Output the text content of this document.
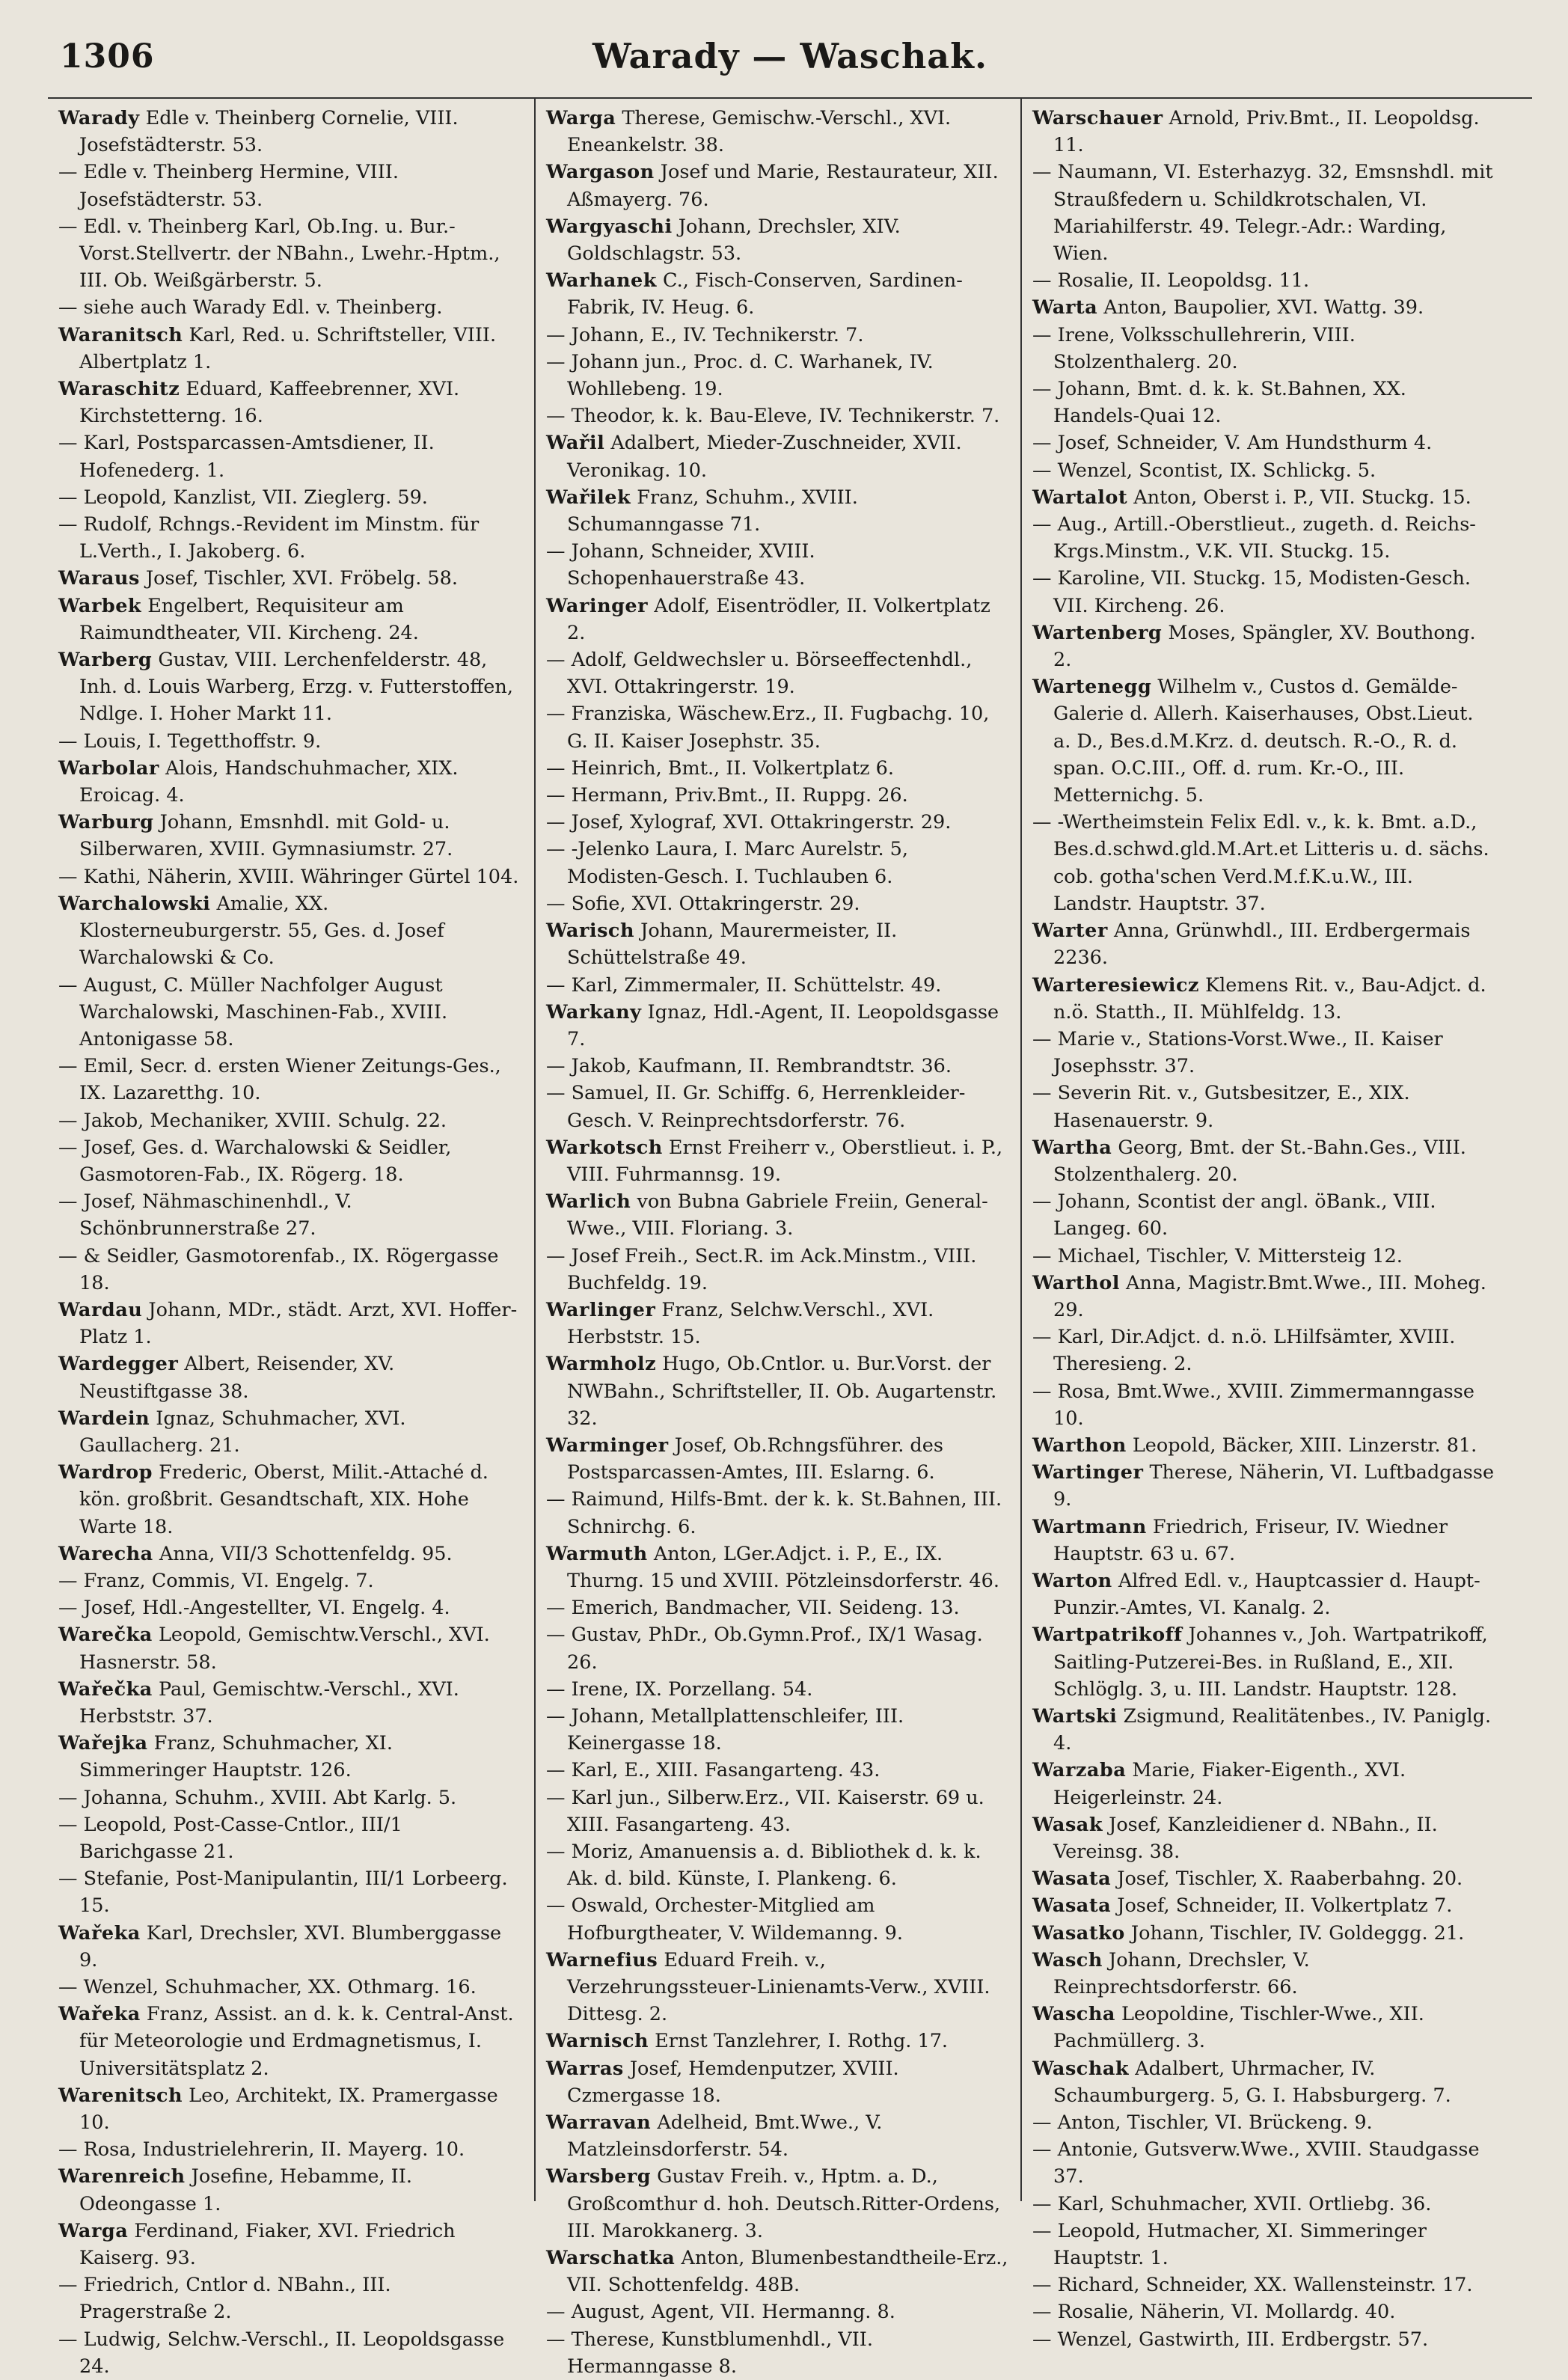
1306	Warady — Waschak.

Warady Edle v. Theinberg Cornelie, VIII. Josefstädterstr. 53.

— Edle v. Theinberg Hermine, VIII. Josefstädterstr. 53.

— Edl. v. Theinberg Karl, Ob.Ing. u. Bur.-Vorst.Stellvertr. der NBahn., Lwehr.-Hptm., III. Ob. Weißgärberstr. 5.

— siehe auch Warady Edl. v. Theinberg.

Waranitsch Karl, Red. u. Schriftsteller, VIII. Albertplatz 1.

Waraschitz Eduard, Kaffeebrenner, XVI. Kirchstetterng. 16.

— Karl, Postsparcassen-Amtsdiener, II. Hofenederg. 1.

— Leopold, Kanzlist, VII. Zieglerg. 59.

— Rudolf, Rchngs.-Revident im Minstm. für L.Verth., I. Jakoberg. 6.

Waraus Josef, Tischler, XVI. Fröbelg. 58.

Warbek Engelbert, Requisiteur am Raimundtheater, VII. Kircheng. 24.

Warberg Gustav, VIII. Lerchenfelderstr. 48, Inh. d. Louis Warberg, Erzg. v. Futterstoffen, Ndlge. I. Hoher Markt 11.

— Louis, I. Tegetthoffstr. 9.

Warbolar Alois, Handschuhmacher, XIX. Eroicag. 4.

Warburg Johann, Emsnhdl. mit Gold- u. Silberwaren, XVIII. Gymnasiumstr. 27.

— Kathi, Näherin, XVIII. Währinger Gürtel 104.

Warchalowski Amalie, XX. Klosterneuburgerstr. 55, Ges. d. Josef Warchalowski & Co.

— August, C. Müller Nachfolger August Warchalowski, Maschinen-Fab., XVIII. Antonigasse 58.

— Emil, Secr. d. ersten Wiener Zeitungs-Ges., IX. Lazaretthg. 10.

— Jakob, Mechaniker, XVIII. Schulg. 22.

— Josef, Ges. d. Warchalowski & Seidler, Gasmotoren-Fab., IX. Rögerg. 18.

— Josef, Nähmaschinenhdl., V. Schönbrunnerstraße 27.

— & Seidler, Gasmotorenfab., IX. Rögergasse 18.

Wardau Johann, MDr., städt. Arzt, XVI. Hoffer-Platz 1.

Wardegger Albert, Reisender, XV. Neustiftgasse 38.

Wardein Ignaz, Schuhmacher, XVI. Gaullacherg. 21.

Wardrop Frederic, Oberst, Milit.-Attaché d. kön. großbrit. Gesandtschaft, XIX. Hohe Warte 18.

Warecha Anna, VII/3 Schottenfeldg. 95.

— Franz, Commis, VI. Engelg. 7.

— Josef, Hdl.-Angestellter, VI. Engelg. 4.

Warečka Leopold, Gemischtw.Verschl., XVI. Hasnerstr. 58.

Wařečka Paul, Gemischtw.-Verschl., XVI. Herbststr. 37.

Wařejka Franz, Schuhmacher, XI. Simmeringer Hauptstr. 126.

— Johanna, Schuhm., XVIII. Abt Karlg. 5.

— Leopold, Post-Casse-Cntlor., III/1 Barichgasse 21.

— Stefanie, Post-Manipulantin, III/1 Lorbeerg. 15.

Wařeka Karl, Drechsler, XVI. Blumberggasse 9.

— Wenzel, Schuhmacher, XX. Othmarg. 16.

Wařeka Franz, Assist. an d. k. k. Central-Anst. für Meteorologie und Erdmagnetismus, I. Universitätsplatz 2.

Warenitsch Leo, Architekt, IX. Pramergasse 10.

— Rosa, Industrielehrerin, II. Mayerg. 10.

Warenreich Josefine, Hebamme, II. Odeongasse 1.

Warga Ferdinand, Fiaker, XVI. Friedrich Kaiserg. 93.

— Friedrich, Cntlor d. NBahn., III. Pragerstraße 2.

— Ludwig, Selchw.-Verschl., II. Leopoldsgasse 24.

Warga Therese, Gemischw.-Verschl., XVI. Eneankelstr. 38.

Wargason Josef und Marie, Restaurateur, XII. Aßmayerg. 76.

Wargyaschi Johann, Drechsler, XIV. Goldschlagstr. 53.

Warhanek C., Fisch-Conserven, Sardinen-Fabrik, IV. Heug. 6.

— Johann, E., IV. Technikerstr. 7.

— Johann jun., Proc. d. C. Warhanek, IV. Wohllebeng. 19.

— Theodor, k. k. Bau-Eleve, IV. Technikerstr. 7.

Wařil Adalbert, Mieder-Zuschneider, XVII. Veronikag. 10.

Wařilek Franz, Schuhm., XVIII. Schumanngasse 71.

— Johann, Schneider, XVIII. Schopenhauerstraße 43.

Waringer Adolf, Eisentrödler, II. Volkertplatz 2.

— Adolf, Geldwechsler u. Börseeffectenhdl., XVI. Ottakringerstr. 19.

— Franziska, Wäschew.Erz., II. Fugbachg. 10, G. II. Kaiser Josephstr. 35.

— Heinrich, Bmt., II. Volkertplatz 6.

— Hermann, Priv.Bmt., II. Ruppg. 26.

— Josef, Xylograf, XVI. Ottakringerstr. 29.

— -Jelenko Laura, I. Marc Aurelstr. 5, Modisten-Gesch. I. Tuchlauben 6.

— Sofie, XVI. Ottakringerstr. 29.

Warisch Johann, Maurermeister, II. Schüttelstraße 49.

— Karl, Zimmermaler, II. Schüttelstr. 49.

Warkany Ignaz, Hdl.-Agent, II. Leopoldsgasse 7.

— Jakob, Kaufmann, II. Rembrandtstr. 36.

— Samuel, II. Gr. Schiffg. 6, Herrenkleider-Gesch. V. Reinprechtsdorferstr. 76.

Warkotsch Ernst Freiherr v., Oberstlieut. i. P., VIII. Fuhrmannsg. 19.

Warlich von Bubna Gabriele Freiin, General-Wwe., VIII. Floriang. 3.

— Josef Freih., Sect.R. im Ack.Minstm., VIII. Buchfeldg. 19.

Warlinger Franz, Selchw.Verschl., XVI. Herbststr. 15.

Warmholz Hugo, Ob.Cntlor. u. Bur.Vorst. der NWBahn., Schriftsteller, II. Ob. Augartenstr. 32.

Warminger Josef, Ob.Rchngsführer. des Postsparcassen-Amtes, III. Eslarng. 6.

— Raimund, Hilfs-Bmt. der k. k. St.Bahnen, III. Schnirchg. 6.

Warmuth Anton, LGer.Adjct. i. P., E., IX. Thurng. 15 und XVIII. Pötzleinsdorferstr. 46.

— Emerich, Bandmacher, VII. Seideng. 13.

— Gustav, PhDr., Ob.Gymn.Prof., IX/1 Wasag. 26.

— Irene, IX. Porzellang. 54.

— Johann, Metallplattenschleifer, III. Keinergasse 18.

— Karl, E., XIII. Fasangarteng. 43.

— Karl jun., Silberw.Erz., VII. Kaiserstr. 69 u. XIII. Fasangarteng. 43.

— Moriz, Amanuensis a. d. Bibliothek d. k. k. Ak. d. bild. Künste, I. Plankeng. 6.

— Oswald, Orchester-Mitglied am Hofburgtheater, V. Wildemanng. 9.

Warnefius Eduard Freih. v., Verzehrungssteuer-Linienamts-Verw., XVIII. Dittesg. 2.

Warnisch Ernst Tanzlehrer, I. Rothg. 17.

Warras Josef, Hemdenputzer, XVIII. Czmergasse 18.

Warravan Adelheid, Bmt.Wwe., V. Matzleinsdorferstr. 54.

Warsberg Gustav Freih. v., Hptm. a. D., Großcomthur d. hoh. Deutsch.Ritter-Ordens, III. Marokkanerg. 3.

Warschatka Anton, Blumenbestandtheile-Erz., VII. Schottenfeldg. 48B.

— August, Agent, VII. Hermanng. 8.

— Therese, Kunstblumenhdl., VII. Hermanngasse 8.

Warschauer Arnold, Priv.Bmt., II. Leopoldsg. 11.

— Naumann, VI. Esterhazyg. 32, Emsnshdl. mit Straußfedern u. Schildkrotschalen, VI. Mariahilferstr. 49. Telegr.-Adr.: Warding, Wien.

— Rosalie, II. Leopoldsg. 11.

Warta Anton, Baupolier, XVI. Wattg. 39.

— Irene, Volksschullehrerin, VIII. Stolzenthalerg. 20.

— Johann, Bmt. d. k. k. St.Bahnen, XX. Handels-Quai 12.

— Josef, Schneider, V. Am Hundsthurm 4.

— Wenzel, Scontist, IX. Schlickg. 5.

Wartalot Anton, Oberst i. P., VII. Stuckg. 15.

— Aug., Artill.-Oberstlieut., zugeth. d. Reichs-Krgs.Minstm., V.K. VII. Stuckg. 15.

— Karoline, VII. Stuckg. 15, Modisten-Gesch. VII. Kircheng. 26.

Wartenberg Moses, Spängler, XV. Bouthong. 2.

Wartenegg Wilhelm v., Custos d. Gemälde-Galerie d. Allerh. Kaiserhauses, Obst.Lieut. a. D., Bes.d.M.Krz. d. deutsch. R.-O., R. d. span. O.C.III., Off. d. rum. Kr.-O., III. Metternichg. 5.

— -Wertheimstein Felix Edl. v., k. k. Bmt. a.D., Bes.d.schwd.gld.M.Art.et Litteris u. d. sächs. cob. gotha'schen Verd.M.f.K.u.W., III. Landstr. Hauptstr. 37.

Warter Anna, Grünwhdl., III. Erdbergermais 2236.

Warteresiewicz Klemens Rit. v., Bau-Adjct. d. n.ö. Statth., II. Mühlfeldg. 13.

— Marie v., Stations-Vorst.Wwe., II. Kaiser Josephsstr. 37.

— Severin Rit. v., Gutsbesitzer, E., XIX. Hasenauerstr. 9.

Wartha Georg, Bmt. der St.-Bahn.Ges., VIII. Stolzenthalerg. 20.

— Johann, Scontist der angl. öBank., VIII. Langeg. 60.

— Michael, Tischler, V. Mittersteig 12.

Warthol Anna, Magistr.Bmt.Wwe., III. Moheg. 29.

— Karl, Dir.Adjct. d. n.ö. LHilfsämter, XVIII. Theresieng. 2.

— Rosa, Bmt.Wwe., XVIII. Zimmermanngasse 10.

Warthon Leopold, Bäcker, XIII. Linzerstr. 81.

Wartinger Therese, Näherin, VI. Luftbadgasse 9.

Wartmann Friedrich, Friseur, IV. Wiedner Hauptstr. 63 u. 67.

Warton Alfred Edl. v., Hauptcassier d. Haupt-Punzir.-Amtes, VI. Kanalg. 2.

Wartpatrikoff Johannes v., Joh. Wartpatrikoff, Saitling-Putzerei-Bes. in Rußland, E., XII. Schlöglg. 3, u. III. Landstr. Hauptstr. 128.

Wartski Zsigmund, Realitätenbes., IV. Paniglg. 4.

Warzaba Marie, Fiaker-Eigenth., XVI. Heigerleinstr. 24.

Wasak Josef, Kanzleidiener d. NBahn., II. Vereinsg. 38.

Wasata Josef, Tischler, X. Raaberbahng. 20.

Wasata Josef, Schneider, II. Volkertplatz 7.

Wasatko Johann, Tischler, IV. Goldeggg. 21.

Wasch Johann, Drechsler, V. Reinprechtsdorferstr. 66.

Wascha Leopoldine, Tischler-Wwe., XII. Pachmüllerg. 3.

Waschak Adalbert, Uhrmacher, IV. Schaumburgerg. 5, G. I. Habsburgerg. 7.

— Anton, Tischler, VI. Brückeng. 9.

— Antonie, Gutsverw.Wwe., XVIII. Staudgasse 37.

— Karl, Schuhmacher, XVII. Ortliebg. 36.

— Leopold, Hutmacher, XI. Simmeringer Hauptstr. 1.

— Richard, Schneider, XX. Wallensteinstr. 17.

— Rosalie, Näherin, VI. Mollardg. 40.

— Wenzel, Gastwirth, III. Erdbergstr. 57.
